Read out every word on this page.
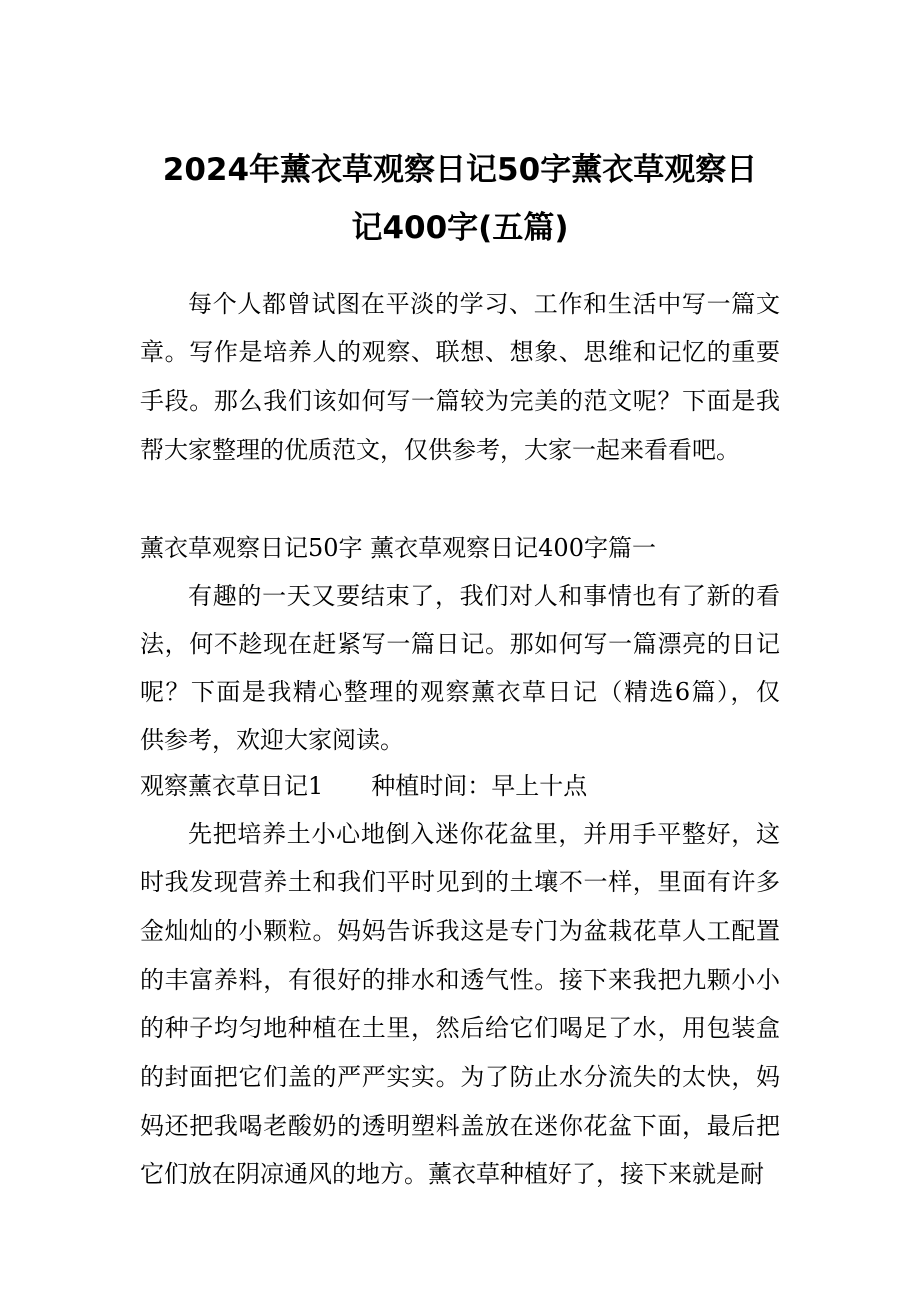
2024年薰衣草观察日记50字薰衣草观察日
记400字(五篇)
每个人都曾试图在平淡的学习、工作和生活中写一篇文
章。写作是培养人的观察、联想、想象、思维和记忆的重要
手段。那么我们该如何写一篇较为完美的范文呢？下面是我
帮大家整理的优质范文，仅供参考，大家一起来看看吧。
薰衣草观察日记50字 薰衣草观察日记400字篇一
有趣的一天又要结束了，我们对人和事情也有了新的看
法，何不趁现在赶紧写一篇日记。那如何写一篇漂亮的日记
呢？下面是我精心整理的观察薰衣草日记（精选6篇），仅
供参考，欢迎大家阅读。
观察薰衣草日记1　　种植时间：早上十点
先把培养土小心地倒入迷你花盆里，并用手平整好，这
时我发现营养土和我们平时见到的土壤不一样，里面有许多
金灿灿的小颗粒。妈妈告诉我这是专门为盆栽花草人工配置
的丰富养料，有很好的排水和透气性。接下来我把九颗小小
的种子均匀地种植在土里，然后给它们喝足了水，用包装盒
的封面把它们盖的严严实实。为了防止水分流失的太快，妈
妈还把我喝老酸奶的透明塑料盖放在迷你花盆下面，最后把
它们放在阴凉通风的地方。薰衣草种植好了，接下来就是耐
